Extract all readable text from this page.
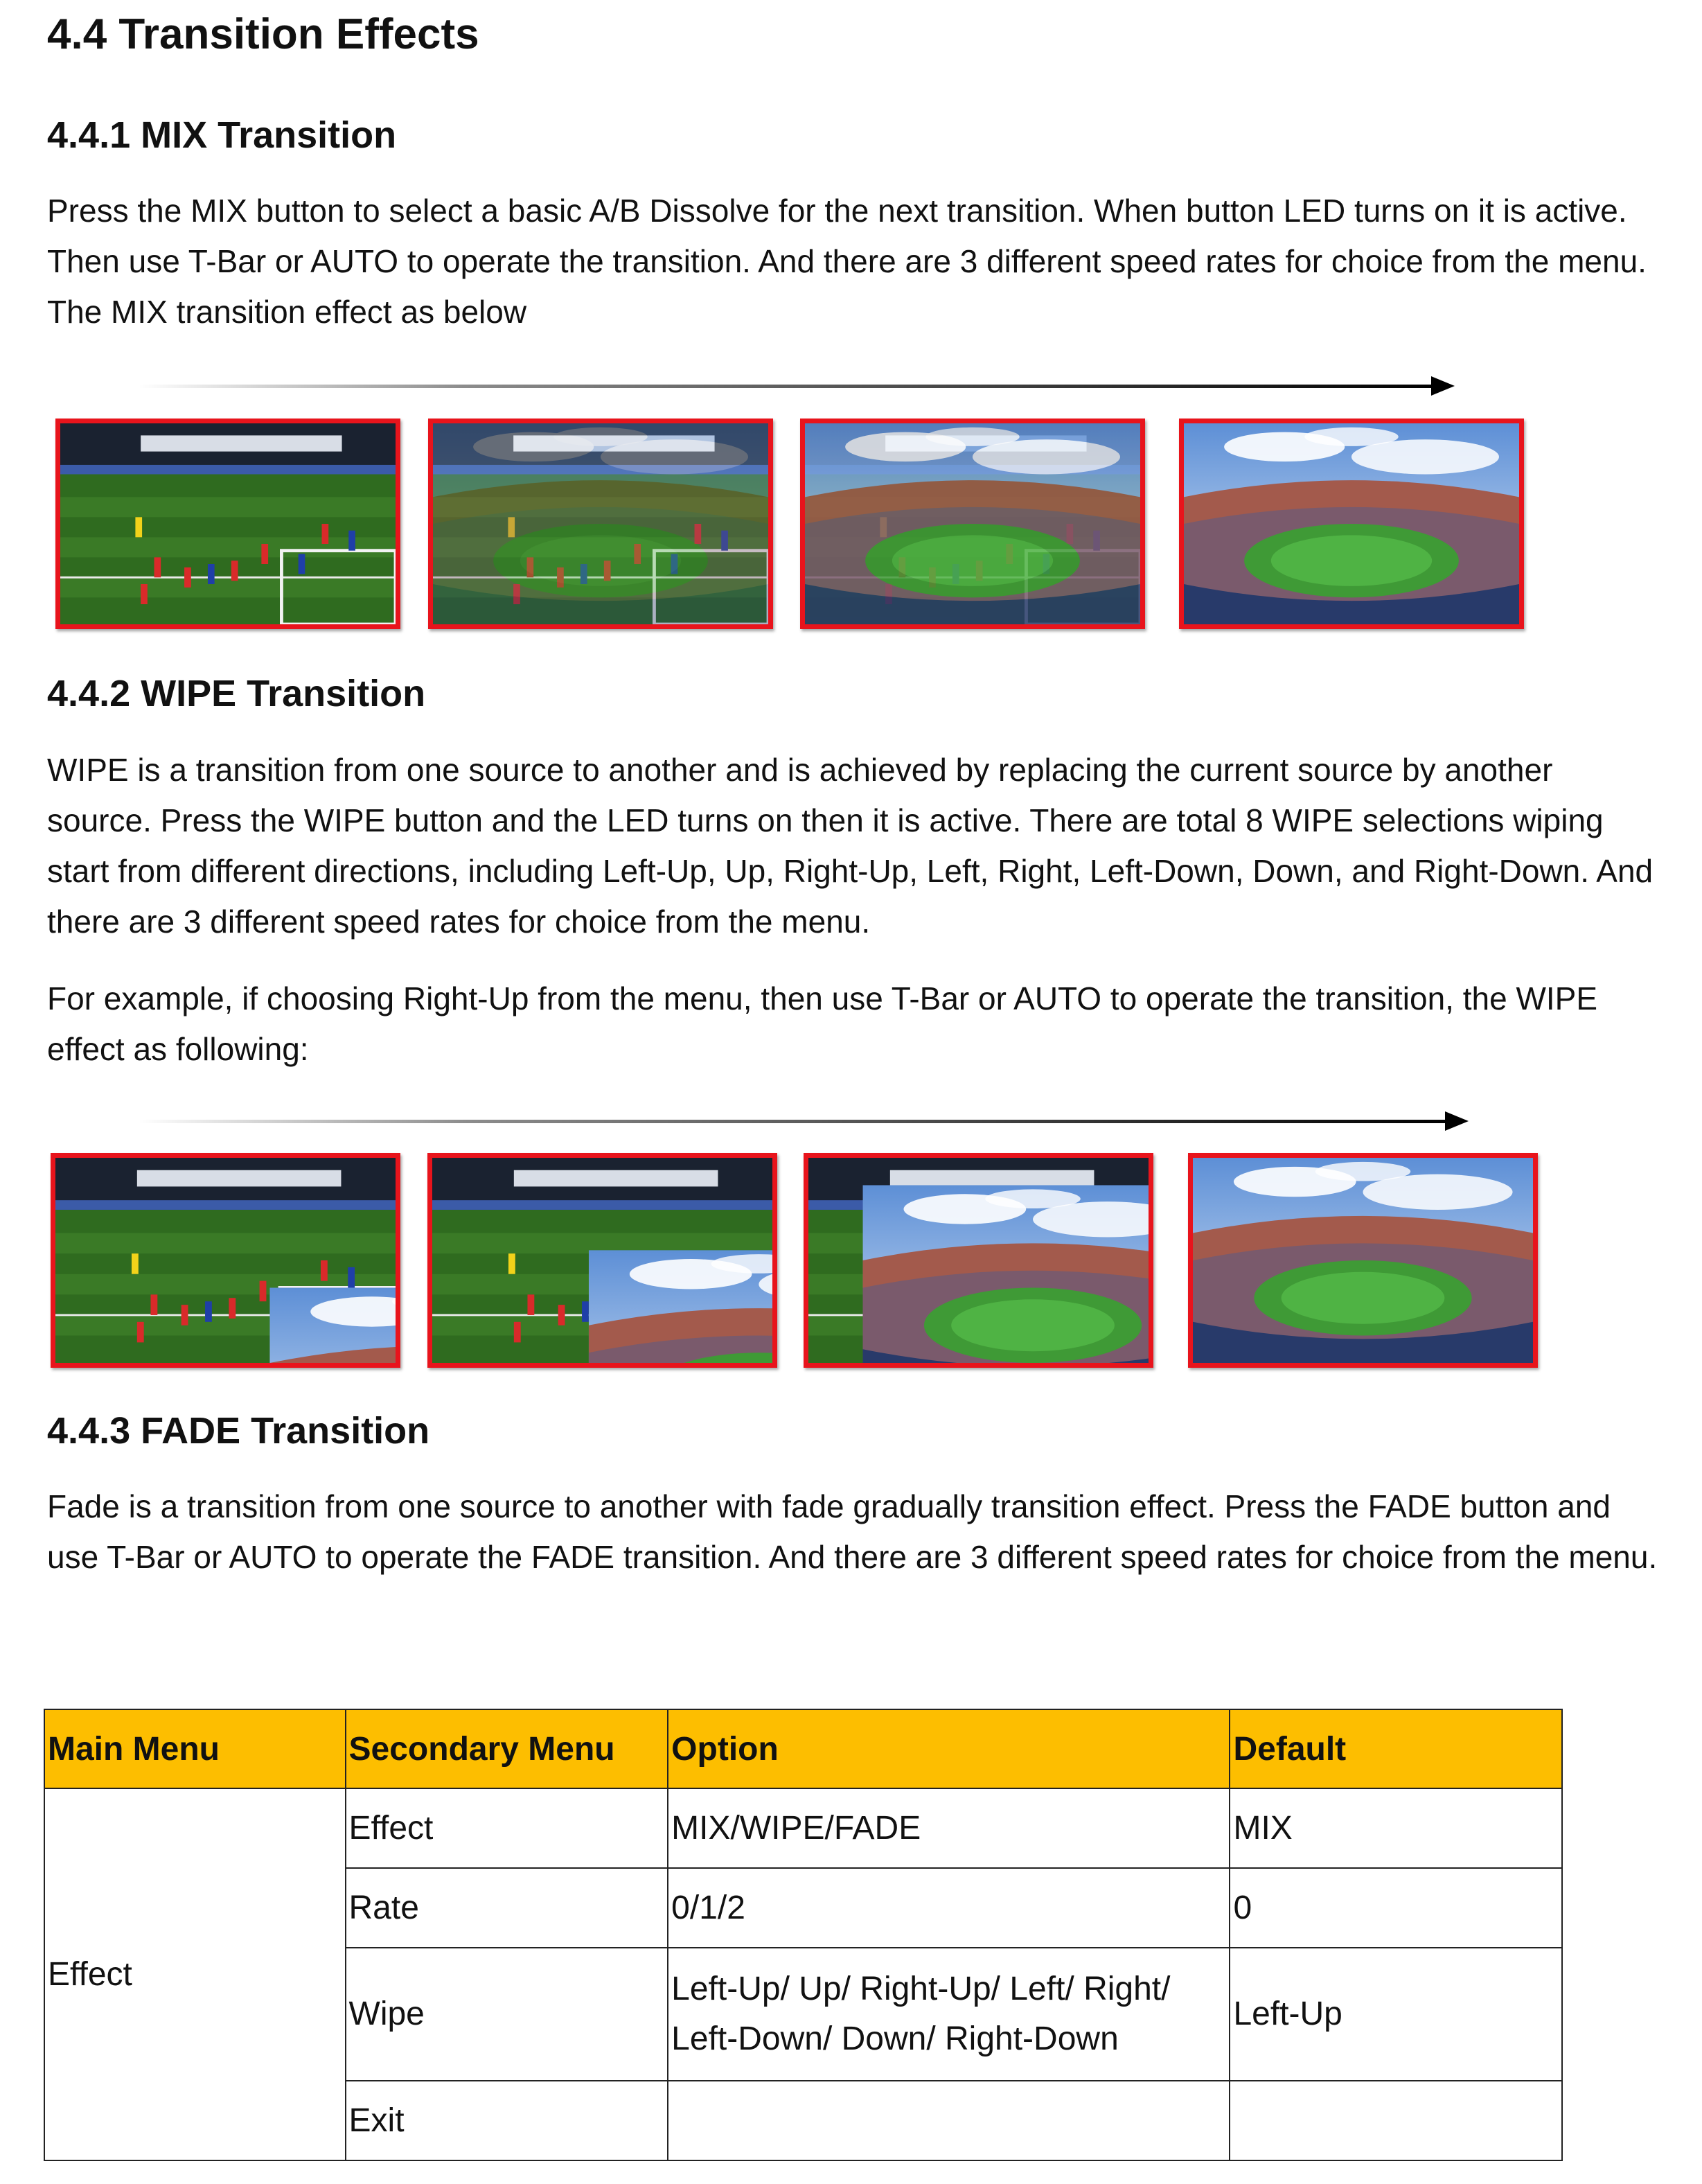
4.4 Transition Effects
4.4.1 MIX Transition

Press the MIX button to select a basic A/B Dissolve for the next transition. When button LED turns on it is active. Then use T-Bar or AUTO to operate the transition. And there are 3 different speed rates for choice from the menu. The MIX transition effect as below

4.4.2 WIPE Transition

WIPE is a transition from one source to another and is achieved by replacing the current source by another source. Press the WIPE button and the LED turns on then it is active. There are total 8 WIPE selections wiping start from different directions, including Left-Up, Up, Right-Up, Left, Right, Left-Down, Down, and Right-Down. And there are 3 different speed rates for choice from the menu.

For example, if choosing Right-Up from the menu, then use T-Bar or AUTO to operate the transition, the WIPE effect as following:

4.4.3 FADE Transition

Fade is a transition from one source to another with fade gradually transition effect. Press the FADE button and use T-Bar or AUTO to operate the FADE transition. And there are 3 different speed rates for choice from the menu.

Main Menu	Secondary Menu	Option	Default
Effect	Effect	MIX/WIPE/FADE	MIX
	Rate	0/1/2	0
	Wipe	Left-Up/ Up/ Right-Up/ Left/ Right/ Left-Down/ Down/ Right-Down	Left-Up
	Exit		
